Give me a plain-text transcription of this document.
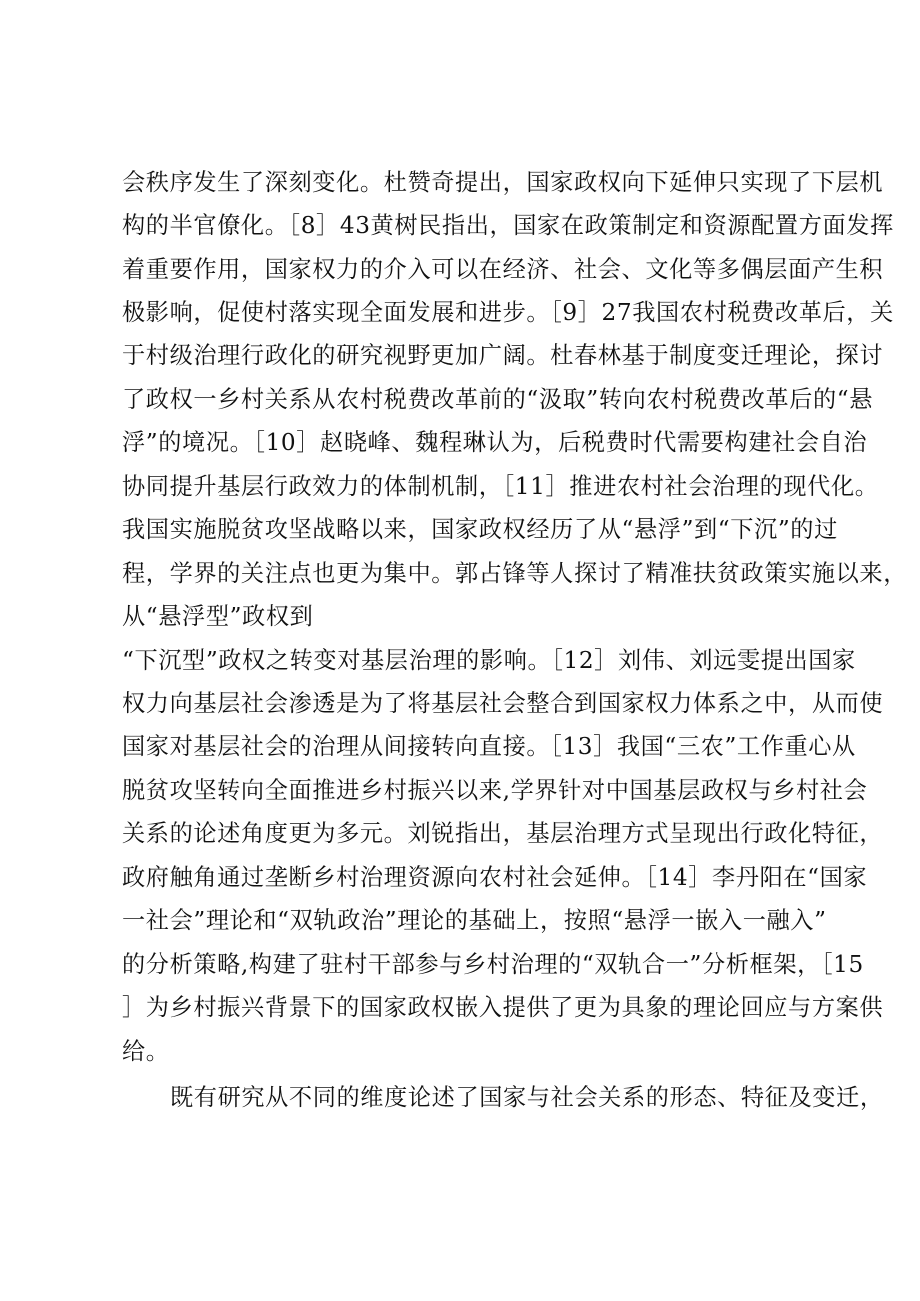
会秩序发生了深刻变化。杜赞奇提出，国家政权向下延伸只实现了下层机
构的半官僚化。［8］43黄树民指出，国家在政策制定和资源配置方面发挥
着重要作用，国家权力的介入可以在经济、社会、文化等多偶层面产生积
极影响，促使村落实现全面发展和进步。［9］27我国农村税费改革后，关
于村级治理行政化的研究视野更加广阔。杜春林基于制度变迁理论，探讨
了政权一乡村关系从农村税费改革前的“汲取”转向农村税费改革后的“悬
浮”的境况。［10］赵晓峰、魏程琳认为，后税费时代需要构建社会自治
协同提升基层行政效力的体制机制，［11］推进农村社会治理的现代化。
我国实施脱贫攻坚战略以来，国家政权经历了从“悬浮”到“下沉”的过
程，学界的关注点也更为集中。郭占锋等人探讨了精准扶贫政策实施以来，
从“悬浮型”政权到
“下沉型”政权之转变对基层治理的影响。［12］刘伟、刘远雯提出国家
权力向基层社会渗透是为了将基层社会整合到国家权力体系之中，从而使
国家对基层社会的治理从间接转向直接。［13］我国“三农”工作重心从
脱贫攻坚转向全面推进乡村振兴以来,学界针对中国基层政权与乡村社会
关系的论述角度更为多元。刘锐指出，基层治理方式呈现出行政化特征，
政府触角通过垄断乡村治理资源向农村社会延伸。［14］李丹阳在“国家
一社会”理论和“双轨政治”理论的基础上，按照“悬浮一嵌入一融入”
的分析策略,构建了驻村干部参与乡村治理的“双轨合一”分析框架，［15
］为乡村振兴背景下的国家政权嵌入提供了更为具象的理论回应与方案供
给。
既有研究从不同的维度论述了国家与社会关系的形态、特征及变迁，
